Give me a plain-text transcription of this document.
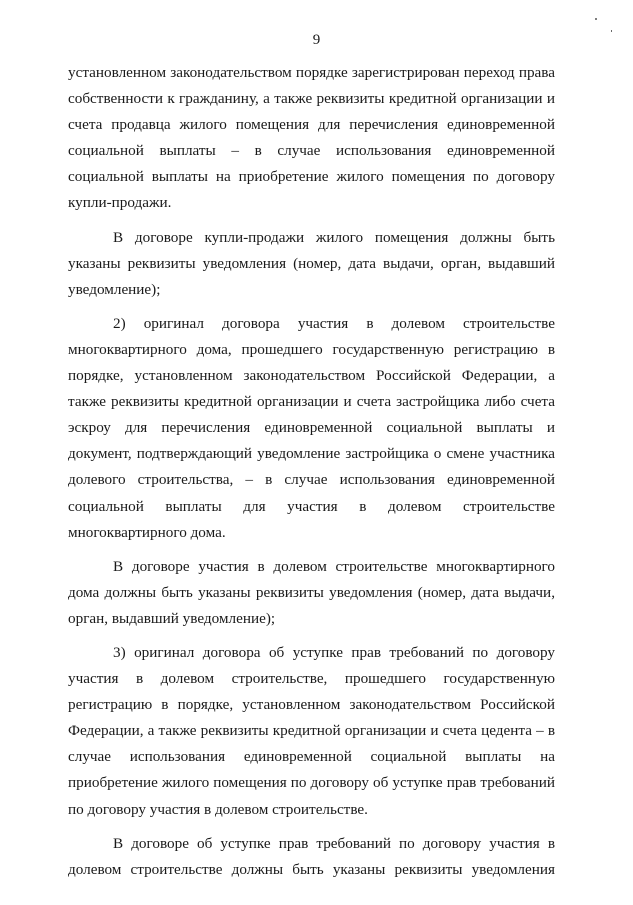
9
установленном законодательством порядке зарегистрирован переход права
собственности к гражданину, а также реквизиты кредитной организации и
счета продавца жилого помещения для перечисления единовременной
социальной выплаты – в случае использования единовременной
социальной выплаты на приобретение жилого помещения по договору
купли-продажи.
В договоре купли-продажи жилого помещения должны быть
указаны реквизиты уведомления (номер, дата выдачи, орган, выдавший
уведомление);
2) оригинал договора участия в долевом строительстве
многоквартирного дома, прошедшего государственную регистрацию в
порядке, установленном законодательством Российской Федерации, а
также реквизиты кредитной организации и счета застройщика либо счета
эскроу для перечисления единовременной социальной выплаты и
документ, подтверждающий уведомление застройщика о смене участника
долевого строительства, – в случае использования единовременной
социальной выплаты для участия в долевом строительстве
многоквартирного дома.
В договоре участия в долевом строительстве многоквартирного
дома должны быть указаны реквизиты уведомления (номер, дата выдачи,
орган, выдавший уведомление);
3) оригинал договора об уступке прав требований по договору
участия в долевом строительстве, прошедшего государственную
регистрацию в порядке, установленном законодательством Российской
Федерации, а также реквизиты кредитной организации и счета цедента – в
случае использования единовременной социальной выплаты на
приобретение жилого помещения по договору об уступке прав требований
по договору участия в долевом строительстве.
В договоре об уступке прав требований по договору участия в
долевом строительстве должны быть указаны реквизиты уведомления
